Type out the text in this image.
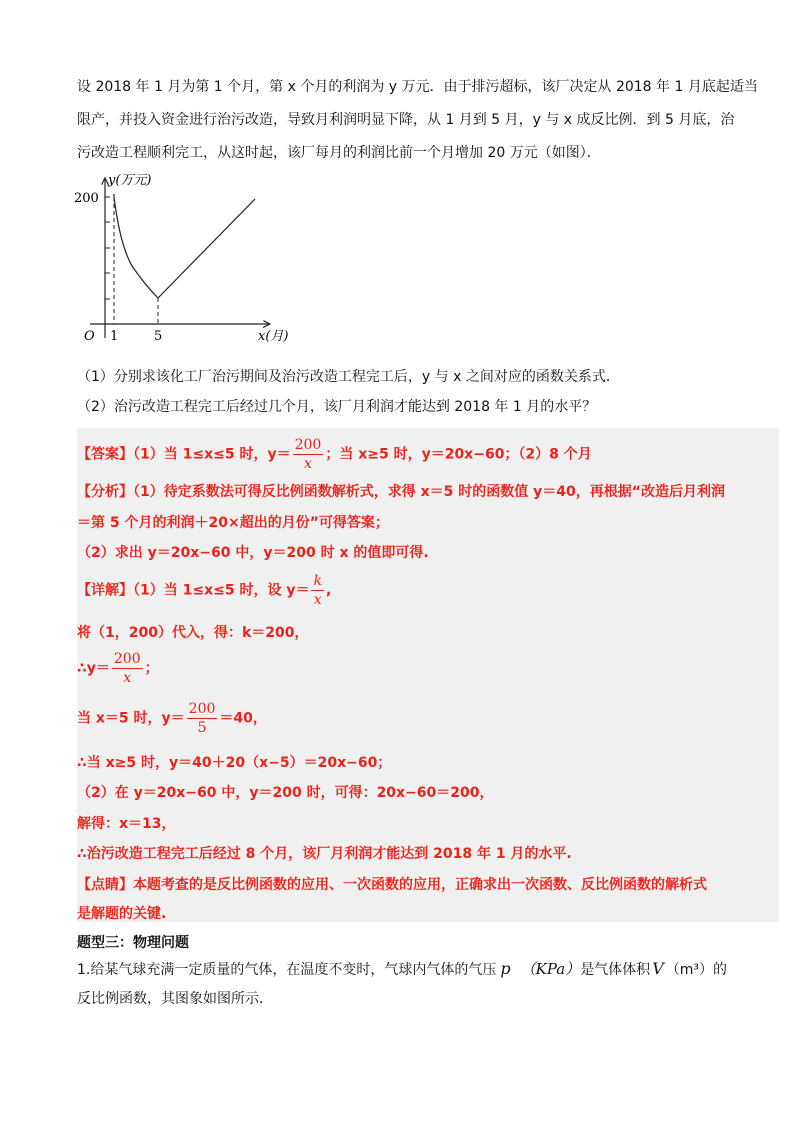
设 2018 年 1 月为第 1 个月，第 x 个月的利润为 y 万元．由于排污超标，该厂决定从 2018 年 1 月底起适当
限产，并投入资金进行治污改造，导致月利润明显下降，从 1 月到 5 月，y 与 x 成反比例．到 5 月底，治
污改造工程顺利完工，从这时起，该厂每月的利润比前一个月增加 20 万元（如图）．
y(万元)
x(月)
O
200
1	5
（1）分别求该化工厂治污期间及治污改造工程完工后，y 与 x 之间对应的函数关系式．
（2）治污改造工程完工后经过几个月，该厂月利润才能达到 2018 年 1 月的水平？
【答案】（1）当 1≤x≤5 时，$y= \frac{200}{x}$ ；当 x≥5 时，y＝20x−60；（2）8 个月
【分析】（1）待定系数法可得反比例函数解析式，求得 x＝5 时的函数值 y＝40，再根据“改造后月利润
＝第 5 个月的利润＋20×超出的月份”可得答案；
（2）求出 y＝20x−60 中，y＝200 时 x 的值即可得.
【详解】（1）当 1≤x≤5 时，设 $y= \frac{k}{x}$ ,
将（1，200）代入，得：k＝200，
∴y＝ $\frac{200}{x}$ ；
当 x＝5 时，$y= \frac{200}{5} =40$，
∴当 x≥5 时，y＝40＋20（x−5）＝20x−60；
（2）在 y＝20x−60 中，y＝200 时，可得：20x−60＝200，
解得：x＝13，
∴治污改造工程完工后经过 8 个月，该厂月利润才能达到 2018 年 1 月的水平.
【点睛】本题考查的是反比例函数的应用、一次函数的应用，正确求出一次函数、反比例函数的解析式
是解题的关键.
题型三：物理问题
1.给某气球充满一定质量的气体，在温度不变时，气球内气体的气压 p （KPa）是气体体积 V （m³）的
反比例函数，其图象如图所示.
